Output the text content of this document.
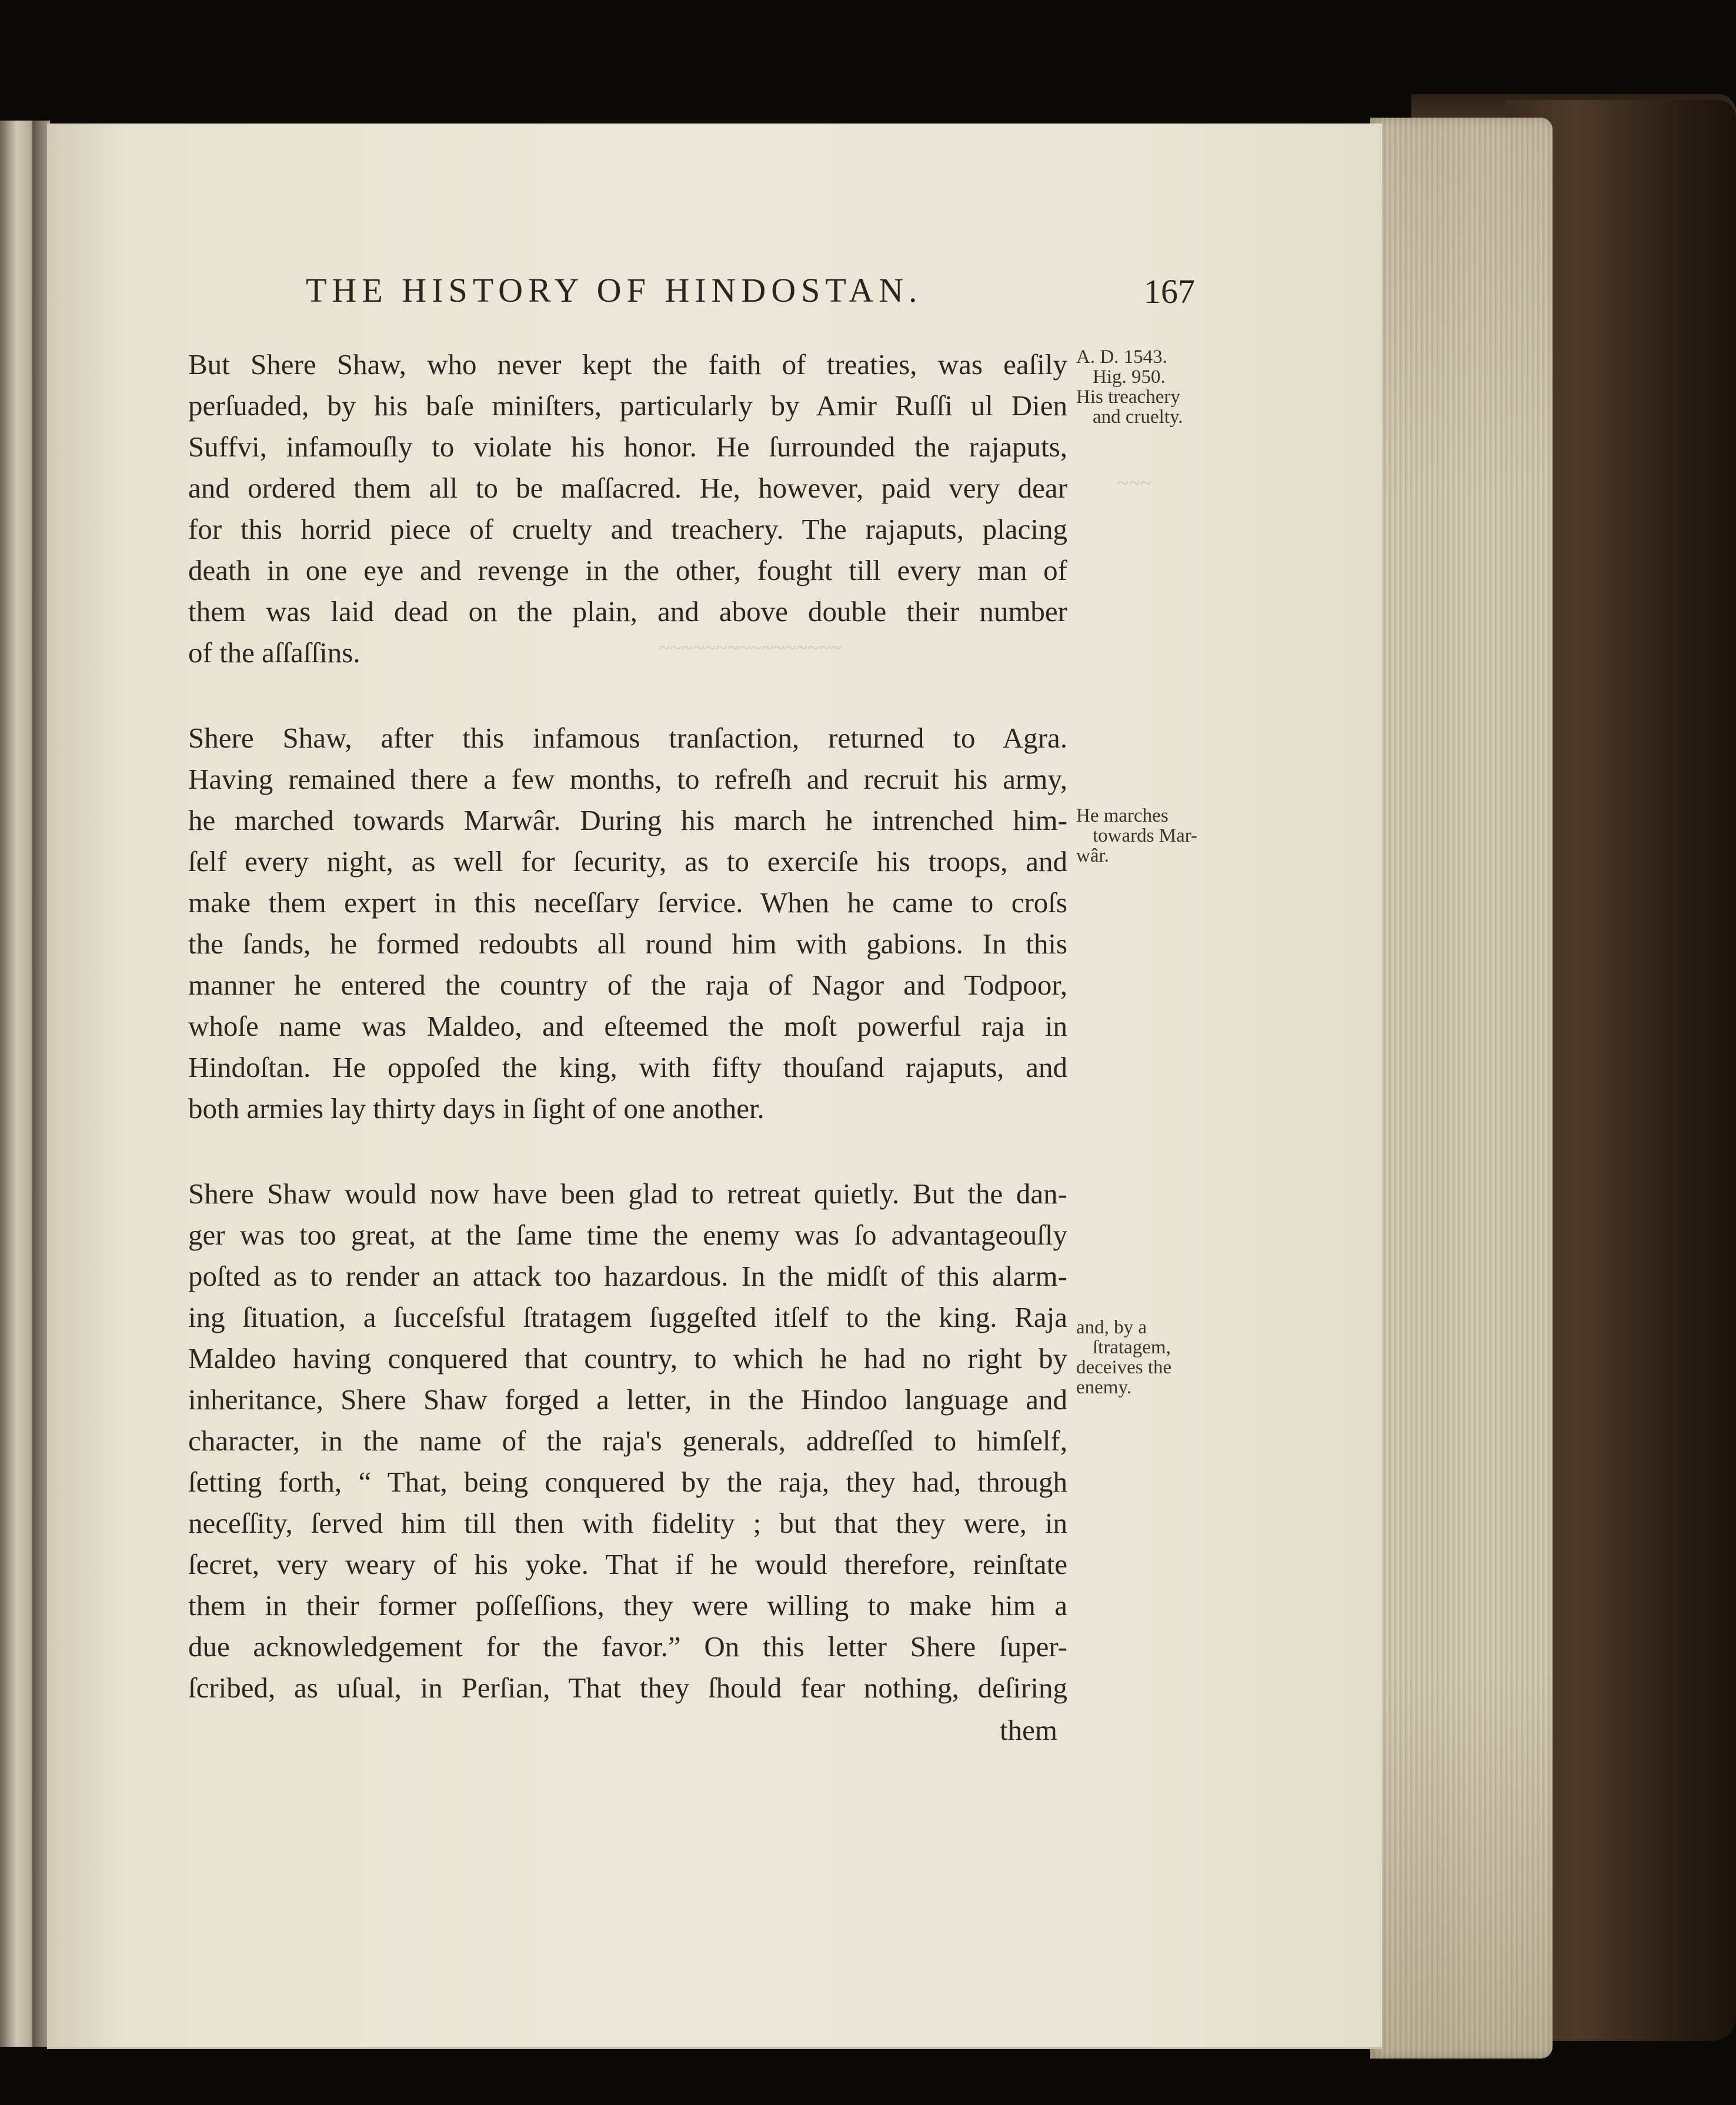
~~~~~~~~~~~~~~~~
~~~
THE HISTORY OF HINDOSTAN.	167
But Shere Shaw, who never kept the faith of treaties, was eaſily
perſuaded, by his baſe miniſters, particularly by Amir Ruſſi ul Dien
Suffvi, infamouſly to violate his honor. He ſurrounded the rajaputs,
and ordered them all to be maſſacred. He, however, paid very dear
for this horrid piece of cruelty and treachery. The rajaputs, placing
death in one eye and revenge in the other, fought till every man of
them was laid dead on the plain, and above double their number
of the aſſaſſins.
Shere Shaw, after this infamous tranſaction, returned to Agra.
Having remained there a few months, to refreſh and recruit his army,
he marched towards Marwâr. During his march he intrenched him-
ſelf every night, as well for ſecurity, as to exerciſe his troops, and
make them expert in this neceſſary ſervice. When he came to croſs
the ſands, he formed redoubts all round him with gabions. In this
manner he entered the country of the raja of Nagor and Todpoor,
whoſe name was Maldeo, and eſteemed the moſt powerful raja in
Hindoſtan. He oppoſed the king, with fifty thouſand rajaputs, and
both armies lay thirty days in ſight of one another.
Shere Shaw would now have been glad to retreat quietly. But the dan-
ger was too great, at the ſame time the enemy was ſo advantageouſly
poſted as to render an attack too hazardous. In the midſt of this alarm-
ing ſituation, a ſucceſsful ſtratagem ſuggeſted itſelf to the king. Raja
Maldeo having conquered that country, to which he had no right by
inheritance, Shere Shaw forged a letter, in the Hindoo language and
character, in the name of the raja's generals, addreſſed to himſelf,
ſetting forth, “ That, being conquered by the raja, they had, through
neceſſity, ſerved him till then with fidelity ; but that they were, in
ſecret, very weary of his yoke. That if he would therefore, reinſtate
them in their former poſſeſſions, they were willing to make him a
due acknowledgement for the favor.” On this letter Shere ſuper-
ſcribed, as uſual, in Perſian, That they ſhould fear nothing, deſiring
them
A. D. 1543.
Hig. 950.
His treachery
and cruelty.
He marches
towards Mar-
wâr.
and, by a
ſtratagem,
deceives the
enemy.
